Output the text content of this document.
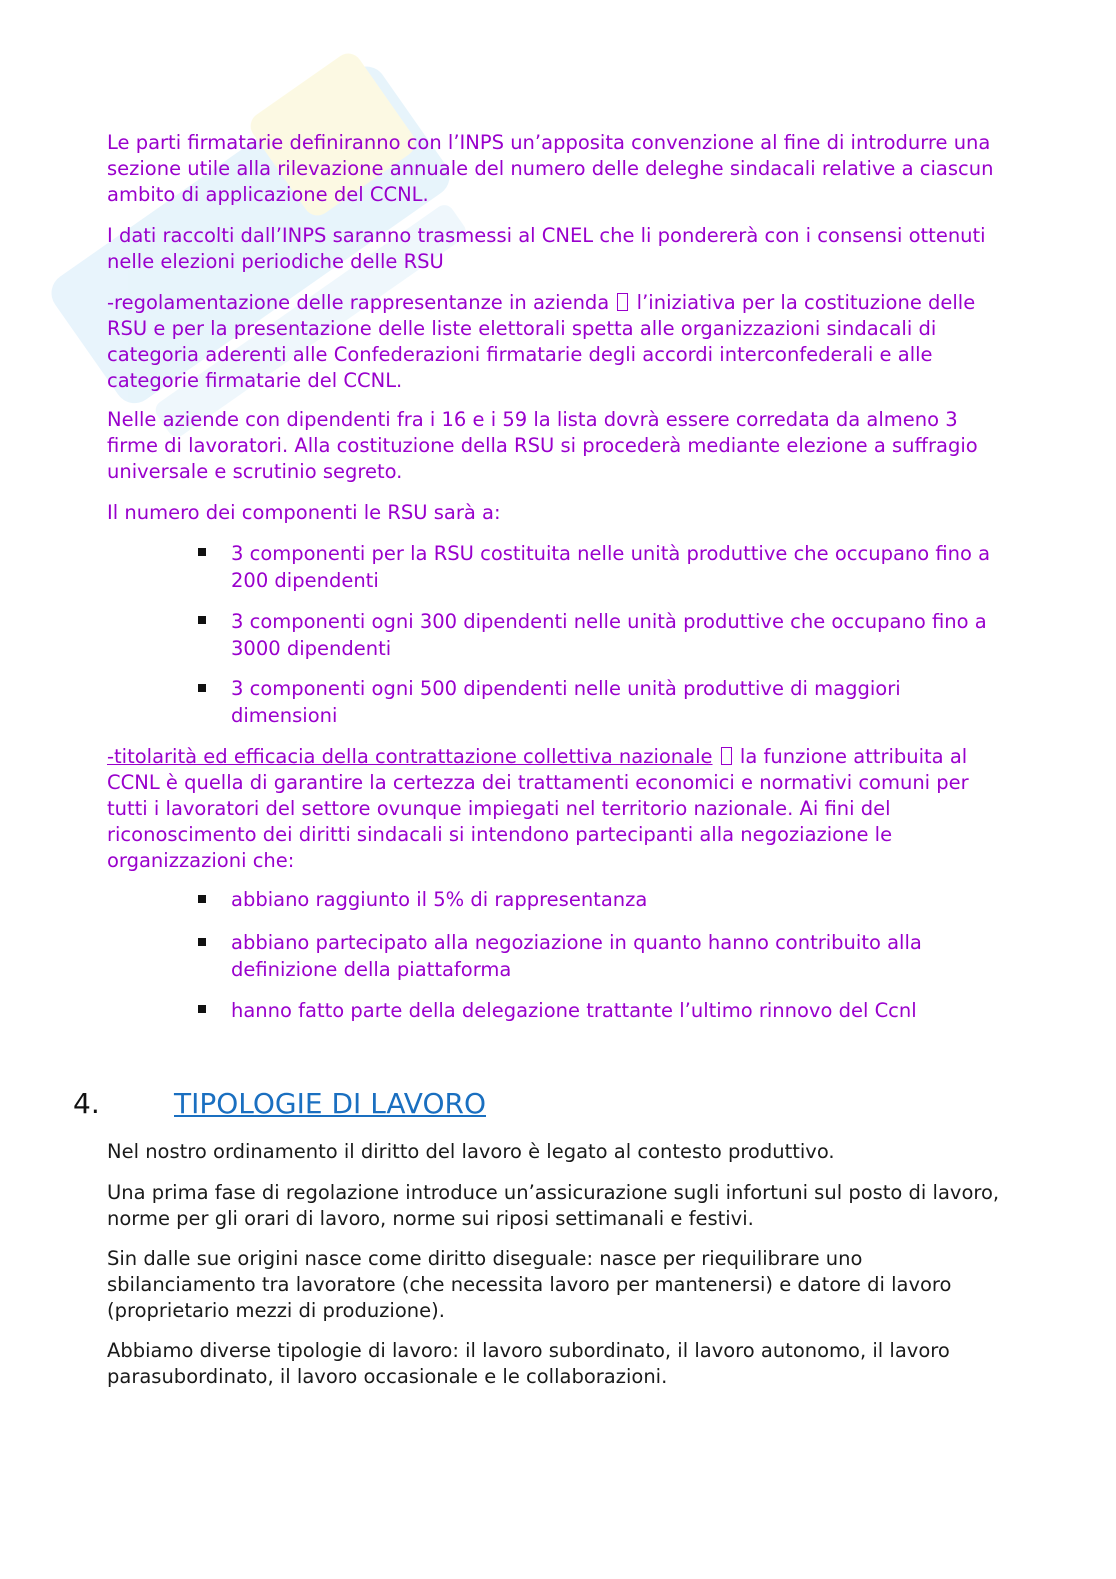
Le parti firmatarie definiranno con l’INPS un’apposita convenzione al fine di introdurre una sezione utile alla rilevazione annuale del numero delle deleghe sindacali relative a ciascun ambito di applicazione del CCNL.

I dati raccolti dall’INPS saranno trasmessi al CNEL che li pondererà con i consensi ottenuti nelle elezioni periodiche delle RSU

-regolamentazione delle rappresentanze in azienda l’iniziativa per la costituzione delle RSU e per la presentazione delle liste elettorali spetta alle organizzazioni sindacali di categoria aderenti alle Confederazioni firmatarie degli accordi interconfederali e alle categorie firmatarie del CCNL.

Nelle aziende con dipendenti fra i 16 e i 59 la lista dovrà essere corredata da almeno 3 firme di lavoratori. Alla costituzione della RSU si procederà mediante elezione a suffragio universale e scrutinio segreto.

Il numero dei componenti le RSU sarà a:

3 componenti per la RSU costituita nelle unità produttive che occupano fino a 200 dipendenti

3 componenti ogni 300 dipendenti nelle unità produttive che occupano fino a 3000 dipendenti

3 componenti ogni 500 dipendenti nelle unità produttive di maggiori dimensioni

-titolarità ed efficacia della contrattazione collettiva nazionale la funzione attribuita al CCNL è quella di garantire la certezza dei trattamenti economici e normativi comuni per tutti i lavoratori del settore ovunque impiegati nel territorio nazionale. Ai fini del riconoscimento dei diritti sindacali si intendono partecipanti alla negoziazione le organizzazioni che:

abbiano raggiunto il 5% di rappresentanza

abbiano partecipato alla negoziazione in quanto hanno contribuito alla definizione della piattaforma

hanno fatto parte della delegazione trattante l’ultimo rinnovo del Ccnl

4.	TIPOLOGIE DI LAVORO

Nel nostro ordinamento il diritto del lavoro è legato al contesto produttivo.

Una prima fase di regolazione introduce un’assicurazione sugli infortuni sul posto di lavoro, norme per gli orari di lavoro, norme sui riposi settimanali e festivi.

Sin dalle sue origini nasce come diritto diseguale: nasce per riequilibrare uno sbilanciamento tra lavoratore (che necessita lavoro per mantenersi) e datore di lavoro (proprietario mezzi di produzione).

Abbiamo diverse tipologie di lavoro: il lavoro subordinato, il lavoro autonomo, il lavoro parasubordinato, il lavoro occasionale e le collaborazioni.
